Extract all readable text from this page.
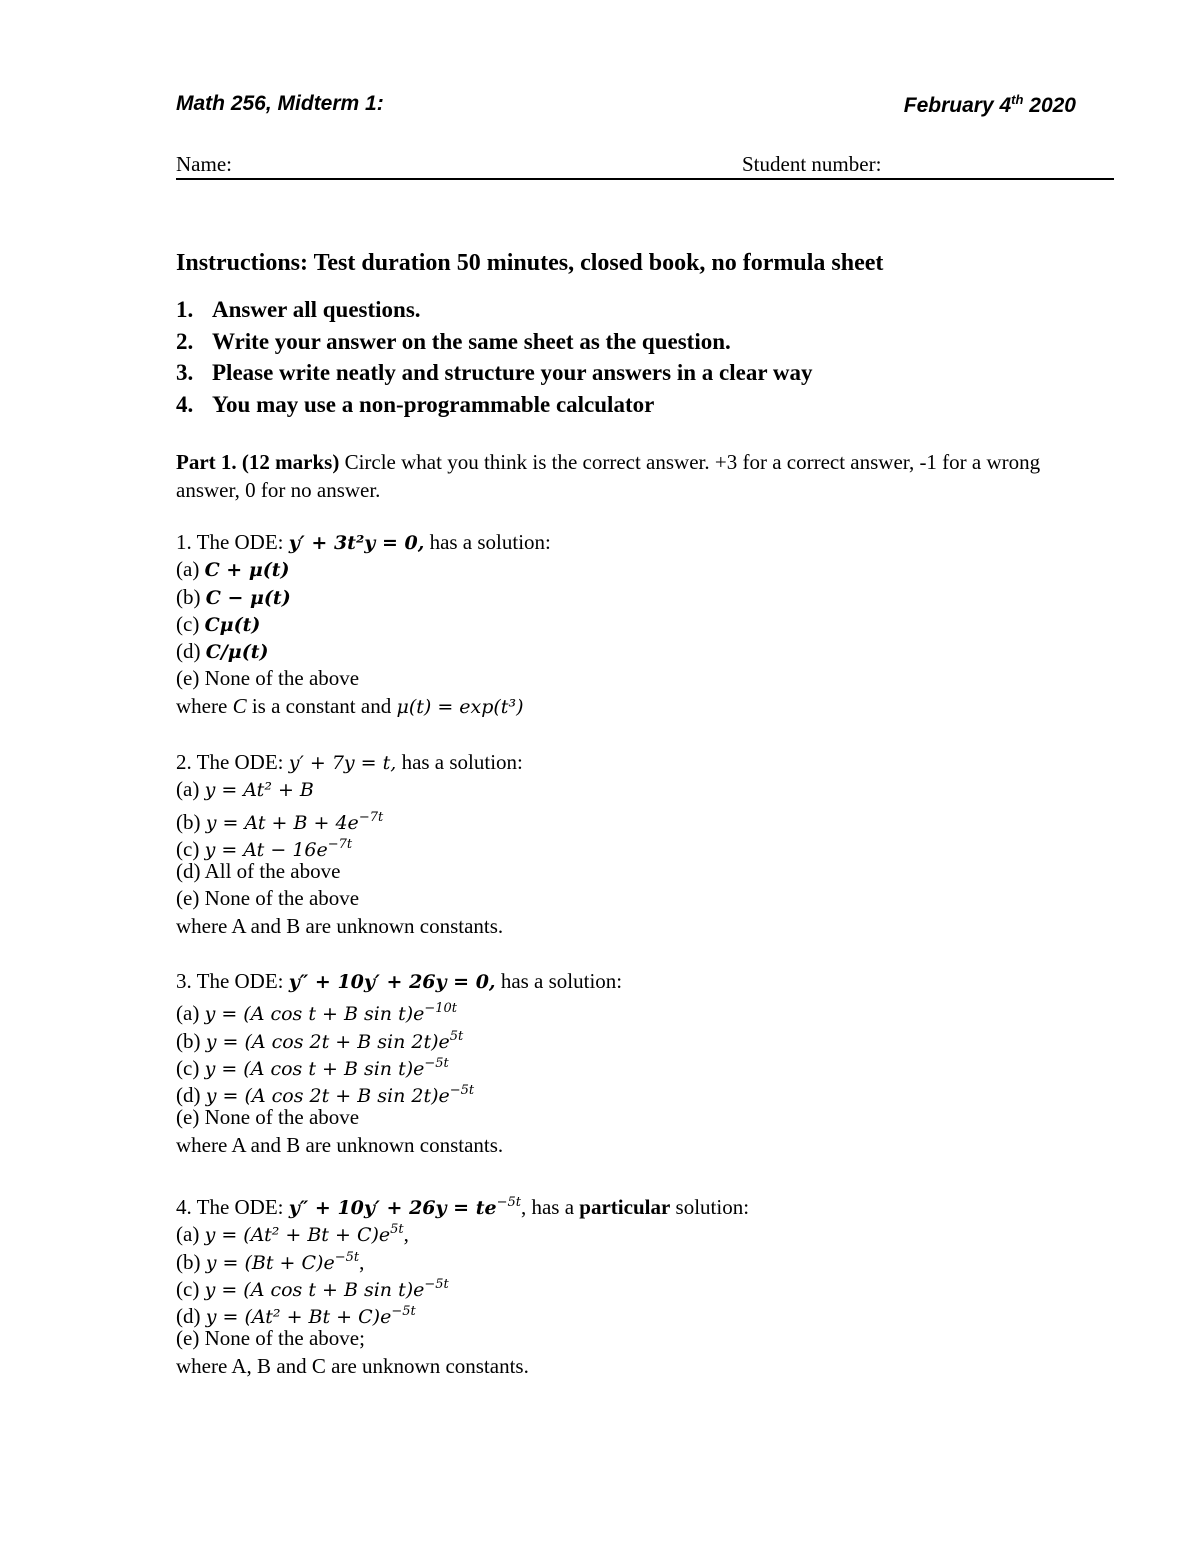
Math 256, Midterm 1:	February 4th 2020
Name:	Student number:
Instructions: Test duration 50 minutes, closed book, no formula sheet
1. Answer all questions.
2. Write your answer on the same sheet as the question.
3. Please write neatly and structure your answers in a clear way
4. You may use a non-programmable calculator
Part 1. (12 marks) Circle what you think is the correct answer. +3 for a correct answer, -1 for a wrong answer, 0 for no answer.
1. The ODE: y′ + 3t²y = 0, has a solution:
(a) C + μ(t)
(b) C − μ(t)
(c) Cμ(t)
(d) C/μ(t)
(e) None of the above
where C is a constant and μ(t) = exp(t³)
2. The ODE: y′ + 7y = t, has a solution:
(a) y = At² + B
(b) $y = At + B + 4e^{-7t}$
(c) $y = At - 16e^{-7t}$
(d) All of the above
(e) None of the above
where A and B are unknown constants.
3. The ODE: y″ + 10y′ + 26y = 0, has a solution:
(a) y = (A cos t + B $\sin t)e^{-10t}$
(b) y = (A cos 2t + B $\sin 2t)e^{5t}$
(c) y = (A cos t + B $\sin t)e^{-5t}$
(d) y = (A cos 2t + B $\sin 2t)e^{-5t}$
(e) None of the above
where A and B are unknown constants.
4. The ODE: $y'' + 10y' + 26y = te^{-5t}$, has a particular solution:
(a) $y = (At^2 + Bt + C)e^{5t}$,
(b) $y = (Bt + C)e^{-5t}$,
(c) y = (A cos t + B $\sin t)e^{-5t}$
(d) $y = (At^2 + Bt + C)e^{-5t}$
(e) None of the above;
where A, B and C are unknown constants.
